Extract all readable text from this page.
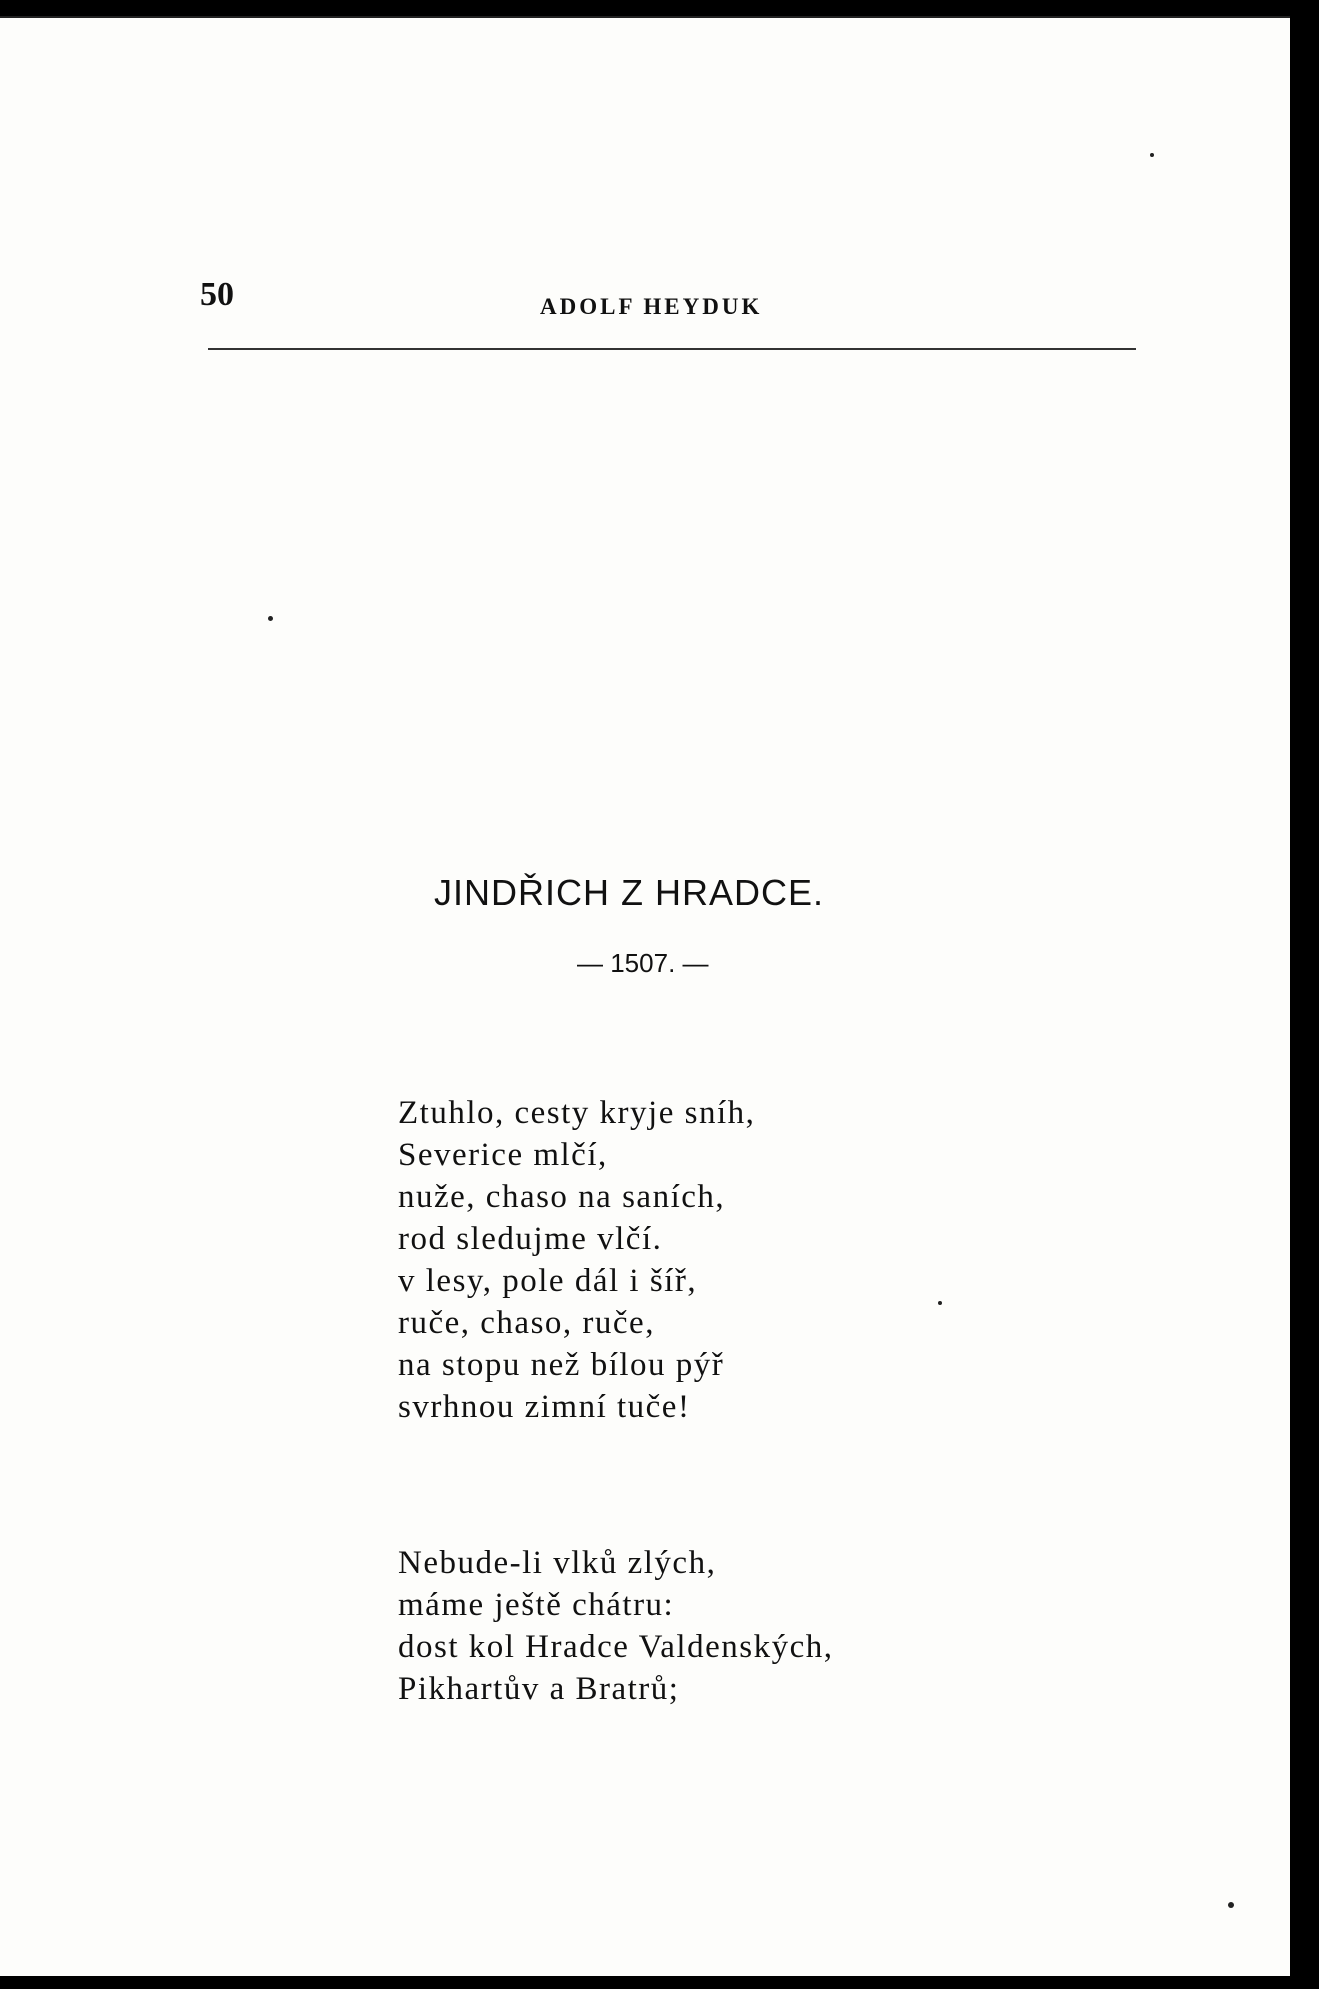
50	ADOLF HEYDUK
JINDŘICH Z HRADCE.
— 1507. —
Ztuhlo, cesty kryje sníh,
Severice mlčí,
nuže, chaso na saních,
rod sledujme vlčí.
v lesy, pole dál i šíř,
ruče, chaso, ruče,
na stopu než bílou pýř
svrhnou zimní tuče!
Nebude-li vlků zlých,
máme ještě chátru:
dost kol Hradce Valdenských,
Pikhartův a Bratrů;
